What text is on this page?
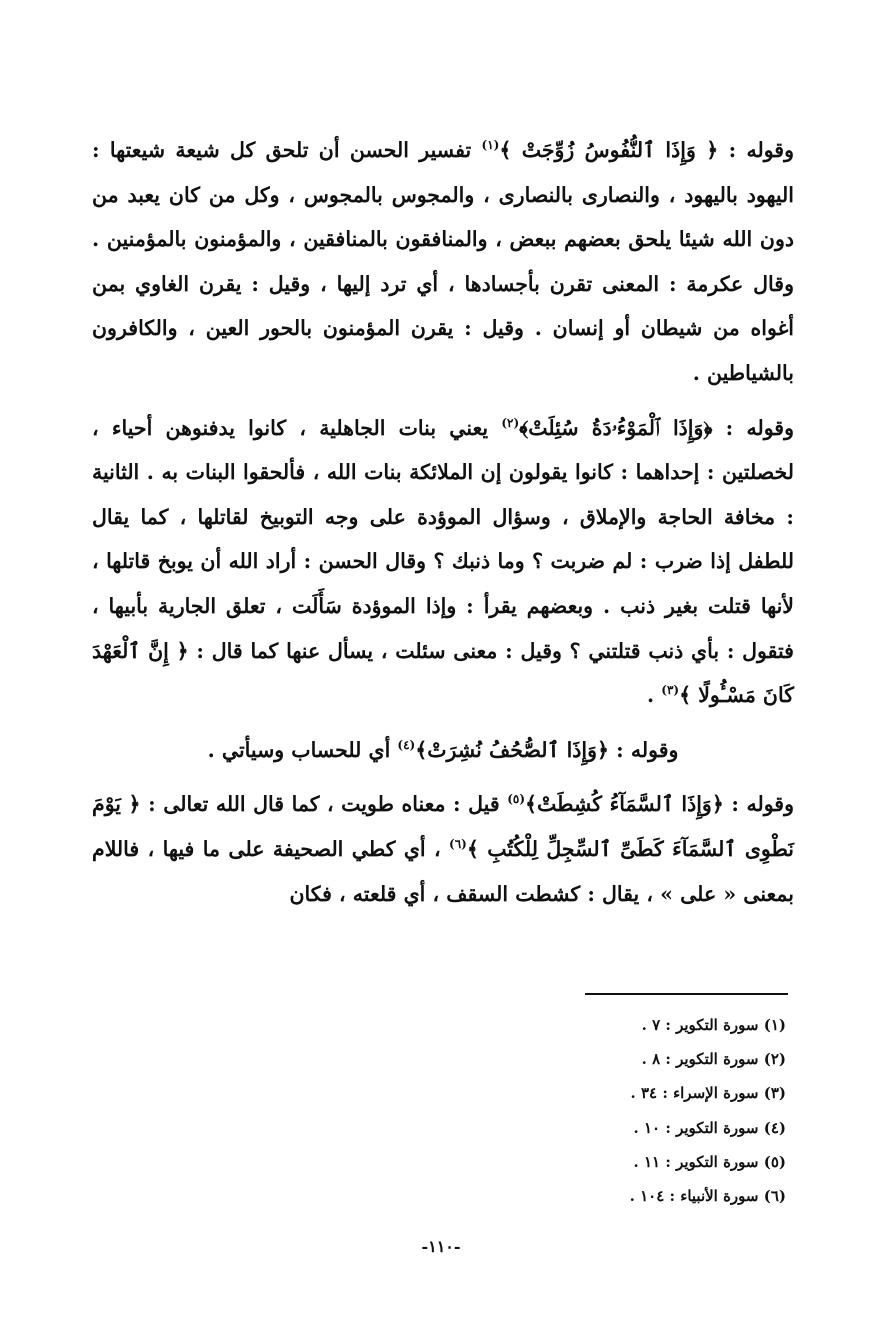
وقوله : ﴿ وَإِذَا ٱلنُّفُوسُ زُوِّجَتْ ﴾$^{(١)}$ تفسير الحسن أن تلحق كل شيعة شيعتها : اليهود باليهود ، والنصارى بالنصارى ، والمجوس بالمجوس ، وكل من كان يعبد من دون الله شيئا يلحق بعضهم ببعض ، والمنافقون بالمنافقين ، والمؤمنون بالمؤمنين . وقال عكرمة : المعنى تقرن بأجسادها ، أي ترد إليها ، وقيل : يقرن الغاوي بمن أغواه من شيطان أو إنسان . وقيل : يقرن المؤمنون بالحور العين ، والكافرون بالشياطين .

وقوله : ﴿وَإِذَا ٱلْمَوْءُۥدَةُ سُئِلَتْ﴾$^{(٢)}$ يعني بنات الجاهلية ، كانوا يدفنوهن أحياء ، لخصلتين : إحداهما : كانوا يقولون إن الملائكة بنات الله ، فألحقوا البنات به . الثانية : مخافة الحاجة والإملاق ، وسؤال الموؤدة على وجه التوبيخ لقاتلها ، كما يقال للطفل إذا ضرب : لم ضربت ؟ وما ذنبك ؟ وقال الحسن : أراد الله أن يوبخ قاتلها ، لأنها قتلت بغير ذنب . وبعضهم يقرأ : وإذا الموؤدة سَأَلَت ، تعلق الجارية بأبيها ، فتقول : بأي ذنب قتلتني ؟ وقيل : معنى سئلت ، يسأل عنها كما قال : ﴿ إِنَّ ٱلْعَهْدَ كَانَ مَسْـُٔولًا ﴾$^{(٣)}$ .

وقوله : ﴿وَإِذَا ٱلصُّحُفُ نُشِرَتْ﴾$^{(٤)}$ أي للحساب وسيأتي .

وقوله : ﴿وَإِذَا ٱلسَّمَآءُ كُشِطَتْ﴾$^{(٥)}$ قيل : معناه طويت ، كما قال الله تعالى : ﴿ يَوْمَ نَطْوِى ٱلسَّمَآءَ كَطَىِّ ٱلسِّجِلِّ لِلْكُتُبِ ﴾$^{(٦)}$ ، أي كطي الصحيفة على ما فيها ، فاللام بمعنى « على » ، يقال : كشطت السقف ، أي قلعته ، فكان

(١) سورة التكوير : ٧ .
(٢) سورة التكوير : ٨ .
(٣) سورة الإسراء : ٣٤ .
(٤) سورة التكوير : ١٠ .
(٥) سورة التكوير : ١١ .
(٦) سورة الأنبياء : ١٠٤ .
-١١٠-
